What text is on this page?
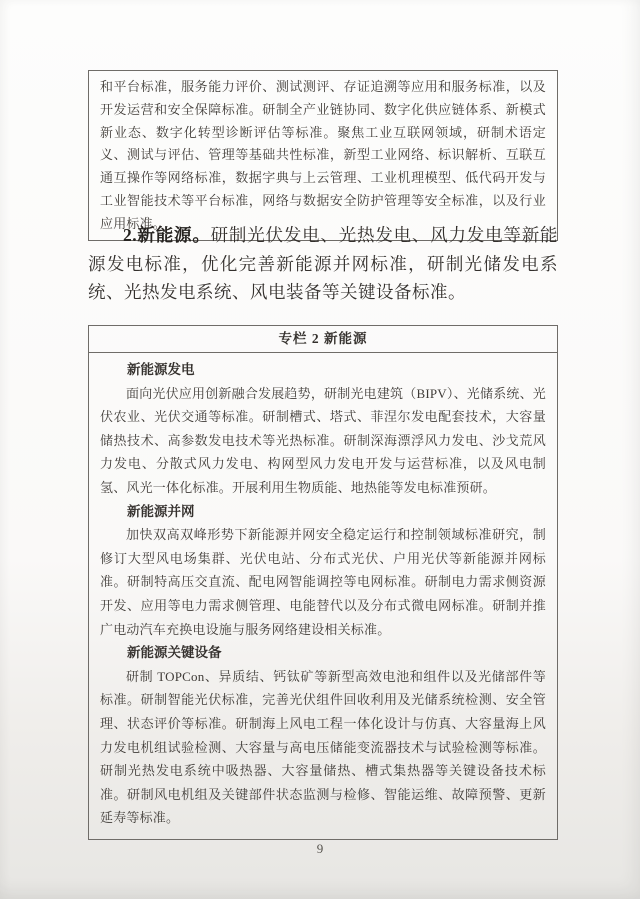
和平台标准，服务能力评价、测试测评、存证追溯等应用和服务标准，以及开发运营和安全保障标准。研制全产业链协同、数字化供应链体系、新模式新业态、数字化转型诊断评估等标准。聚焦工业互联网领域，研制术语定义、测试与评估、管理等基础共性标准，新型工业网络、标识解析、互联互通互操作等网络标准，数据字典与上云管理、工业机理模型、低代码开发与工业智能技术等平台标准，网络与数据安全防护管理等安全标准，以及行业应用标准。

2.新能源。研制光伏发电、光热发电、风力发电等新能源发电标准，优化完善新能源并网标准，研制光储发电系统、光热发电系统、风电装备等关键设备标准。

专栏 2 新能源
新能源发电

面向光伏应用创新融合发展趋势，研制光电建筑（BIPV）、光储系统、光伏农业、光伏交通等标准。研制槽式、塔式、菲涅尔发电配套技术，大容量储热技术、高参数发电技术等光热标准。研制深海漂浮风力发电、沙戈荒风力发电、分散式风力发电、构网型风力发电开发与运营标准，以及风电制氢、风光一体化标准。开展利用生物质能、地热能等发电标准预研。

新能源并网

加快双高双峰形势下新能源并网安全稳定运行和控制领域标准研究，制修订大型风电场集群、光伏电站、分布式光伏、户用光伏等新能源并网标准。研制特高压交直流、配电网智能调控等电网标准。研制电力需求侧资源开发、应用等电力需求侧管理、电能替代以及分布式微电网标准。研制并推广电动汽车充换电设施与服务网络建设相关标准。

新能源关键设备

研制 TOPCon、异质结、钙钛矿等新型高效电池和组件以及光储部件等标准。研制智能光伏标准，完善光伏组件回收利用及光储系统检测、安全管理、状态评价等标准。研制海上风电工程一体化设计与仿真、大容量海上风力发电机组试验检测、大容量与高电压储能变流器技术与试验检测等标准。研制光热发电系统中吸热器、大容量储热、槽式集热器等关键设备技术标准。研制风电机组及关键部件状态监测与检修、智能运维、故障预警、更新延寿等标准。

9
